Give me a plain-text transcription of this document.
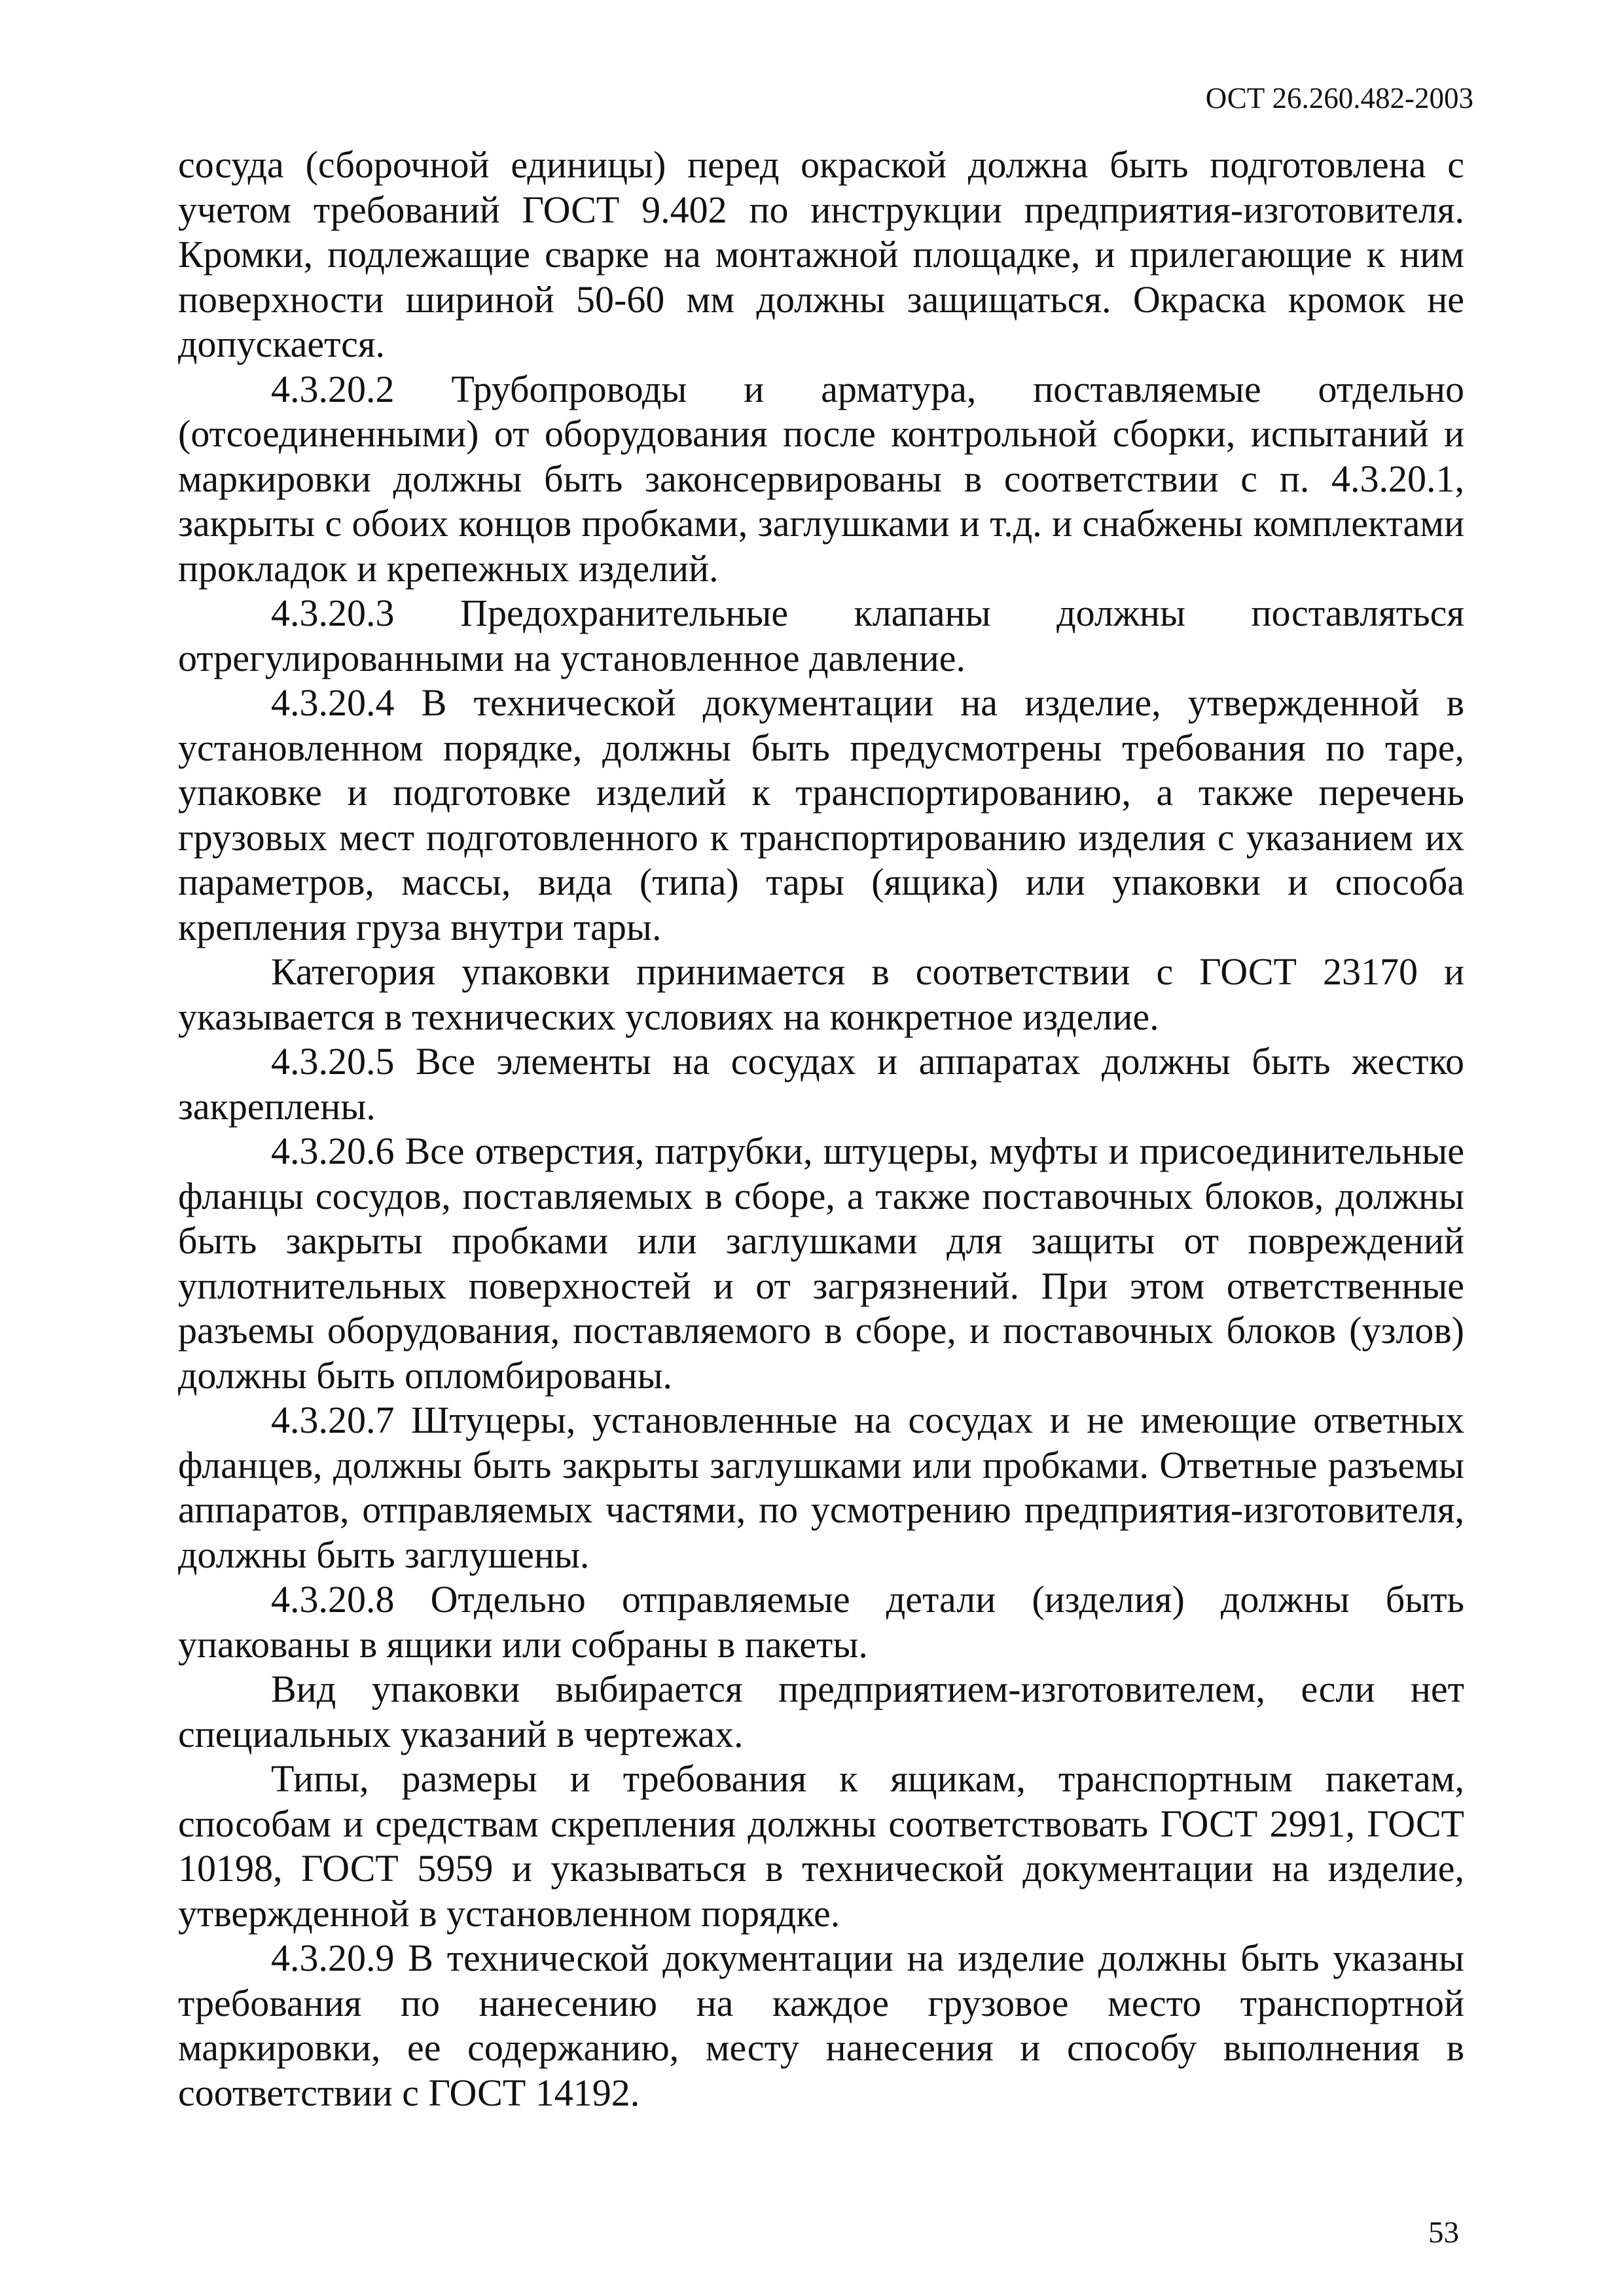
ОСТ 26.260.482-2003

сосуда (сборочной единицы) перед окраской должна быть подготовлена с учетом требований ГОСТ 9.402 по инструкции предприятия-изготовителя. Кромки, подлежащие сварке на монтажной площадке, и прилегающие к ним поверхности шириной 50-60 мм должны защищаться. Окраска кромок не допускается.

4.3.20.2 Трубопроводы и арматура, поставляемые отдельно (отсоединенными) от оборудования после контрольной сборки, испытаний и маркировки должны быть законсервированы в соответствии с п. 4.3.20.1, закрыты с обоих концов пробками, заглушками и т.д. и снабжены комплектами прокладок и крепежных изделий.

4.3.20.3 Предохранительные клапаны должны поставляться отрегулированными на установленное давление.

4.3.20.4 В технической документации на изделие, утвержденной в установленном порядке, должны быть предусмотрены требования по таре, упаковке и подготовке изделий к транспортированию, а также перечень грузовых мест подготовленного к транспортированию изделия с указанием их параметров, массы, вида (типа) тары (ящика) или упаковки и способа крепления груза внутри тары.

Категория упаковки принимается в соответствии с ГОСТ 23170 и указывается в технических условиях на конкретное изделие.

4.3.20.5 Все элементы на сосудах и аппаратах должны быть жестко закреплены.

4.3.20.6 Все отверстия, патрубки, штуцеры, муфты и присоединительные фланцы сосудов, поставляемых в сборе, а также поставочных блоков, должны быть закрыты пробками или заглушками для защиты от повреждений уплотнительных поверхностей и от загрязнений. При этом ответственные разъемы оборудования, поставляемого в сборе, и поставочных блоков (узлов) должны быть опломбированы.

4.3.20.7 Штуцеры, установленные на сосудах и не имеющие ответных фланцев, должны быть закрыты заглушками или пробками. Ответные разъемы аппаратов, отправляемых частями, по усмотрению предприятия-изготовителя, должны быть заглушены.

4.3.20.8 Отдельно отправляемые детали (изделия) должны быть упакованы в ящики или собраны в пакеты.

Вид упаковки выбирается предприятием-изготовителем, если нет специальных указаний в чертежах.

Типы, размеры и требования к ящикам, транспортным пакетам, способам и средствам скрепления должны соответствовать ГОСТ 2991, ГОСТ 10198, ГОСТ 5959 и указываться в технической документации на изделие, утвержденной в установленном порядке.

4.3.20.9 В технической документации на изделие должны быть указаны требования по нанесению на каждое грузовое место транспортной маркировки, ее содержанию, месту нанесения и способу выполнения в соответствии с ГОСТ 14192.

53
